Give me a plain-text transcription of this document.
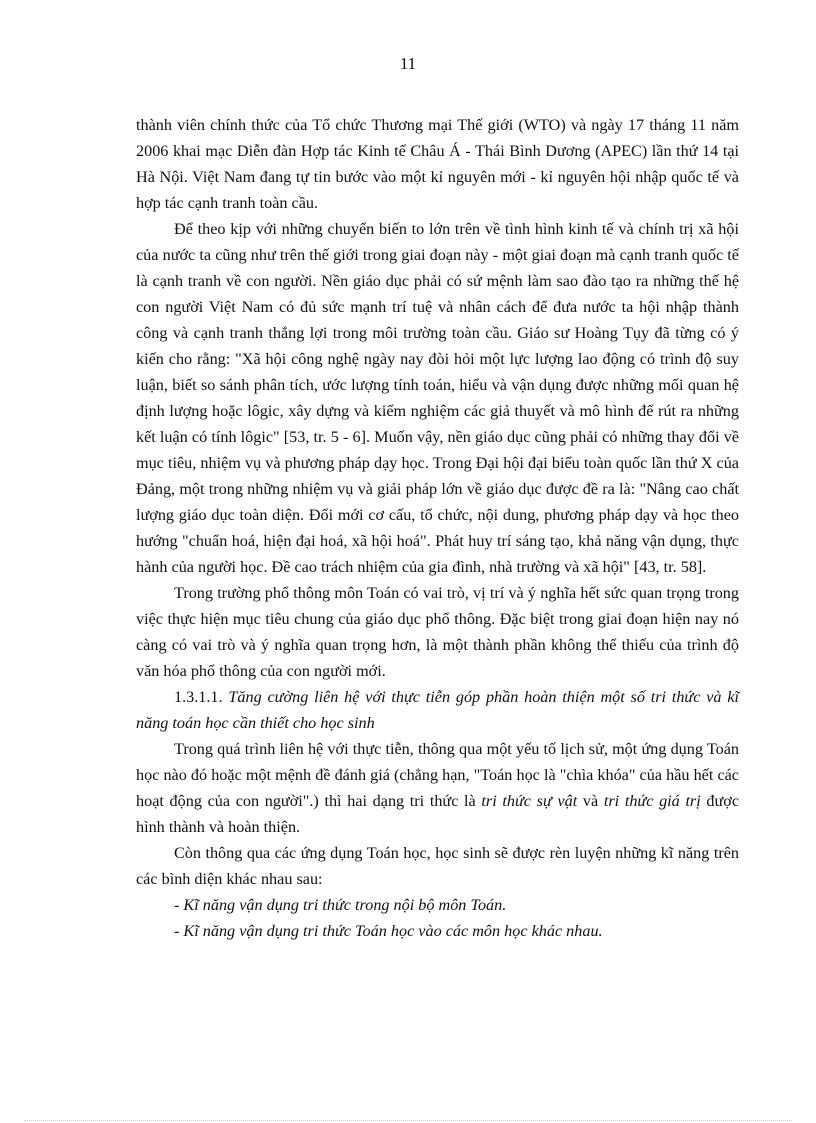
11

thành viên chính thức của Tổ chức Thương mại Thế giới (WTO) và ngày 17 tháng 11 năm 2006 khai mạc Diễn đàn Hợp tác Kinh tế Châu Á - Thái Bình Dương (APEC) lần thứ 14 tại Hà Nội. Việt Nam đang tự tin bước vào một kỉ nguyên mới - kỉ nguyên hội nhập quốc tế và hợp tác cạnh tranh toàn cầu.

Để theo kịp với những chuyển biến to lớn trên về tình hình kinh tế và chính trị xã hội của nước ta cũng như trên thế giới trong giai đoạn này - một giai đoạn mà cạnh tranh quốc tế là cạnh tranh về con người. Nền giáo dục phải có sứ mệnh làm sao đào tạo ra những thế hệ con người Việt Nam có đủ sức mạnh trí tuệ và nhân cách để đưa nước ta hội nhập thành công và cạnh tranh thắng lợi trong môi trường toàn cầu. Giáo sư Hoàng Tụy đã từng có ý kiến cho rằng: "Xã hội công nghệ ngày nay đòi hỏi một lực lượng lao động có trình độ suy luận, biết so sánh phân tích, ước lượng tính toán, hiểu và vận dụng được những mối quan hệ định lượng hoặc lôgic, xây dựng và kiểm nghiệm các giả thuyết và mô hình để rút ra những kết luận có tính lôgic" [53, tr. 5 - 6]. Muốn vậy, nền giáo dục cũng phải có những thay đổi về mục tiêu, nhiệm vụ và phương pháp dạy học. Trong Đại hội đại biểu toàn quốc lần thứ X của Đảng, một trong những nhiệm vụ và giải pháp lớn về giáo dục được đề ra là: "Nâng cao chất lượng giáo dục toàn diện. Đổi mới cơ cấu, tổ chức, nội dung, phương pháp dạy và học theo hướng "chuẩn hoá, hiện đại hoá, xã hội hoá". Phát huy trí sáng tạo, khả năng vận dụng, thực hành của người học. Đề cao trách nhiệm của gia đình, nhà trường và xã hội" [43, tr. 58].

Trong trường phổ thông môn Toán có vai trò, vị trí và ý nghĩa hết sức quan trọng trong việc thực hiện mục tiêu chung của giáo dục phổ thông. Đặc biệt trong giai đoạn hiện nay nó càng có vai trò và ý nghĩa quan trọng hơn, là một thành phần không thể thiếu của trình độ văn hóa phổ thông của con người mới.

1.3.1.1. Tăng cường liên hệ với thực tiễn góp phần hoàn thiện một số tri thức và kĩ năng toán học cần thiết cho học sinh

Trong quá trình liên hệ với thực tiễn, thông qua một yếu tố lịch sử, một ứng dụng Toán học nào đó hoặc một mệnh đề đánh giá (chẳng hạn, "Toán học là "chìa khóa" của hầu hết các hoạt động của con người".) thì hai dạng tri thức là tri thức sự vật và tri thức giá trị được hình thành và hoàn thiện.

Còn thông qua các ứng dụng Toán học, học sinh sẽ được rèn luyện những kĩ năng trên các bình diện khác nhau sau:

- Kĩ năng vận dụng tri thức trong nội bộ môn Toán.

- Kĩ năng vận dụng tri thức Toán học vào các môn học khác nhau.
